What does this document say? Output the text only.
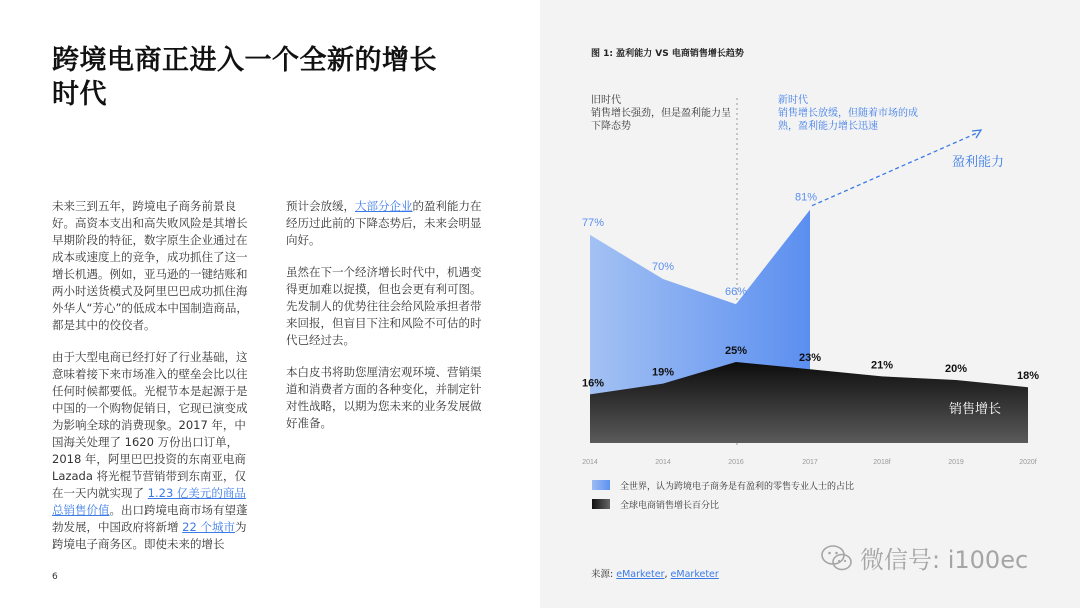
跨境电商正进入一个全新的增长
时代

未来三到五年，跨境电子商务前景良好。高资本支出和高失败风险是其增长早期阶段的特征，数字原生企业通过在成本或速度上的竞争，成功抓住了这一增长机遇。例如，亚马逊的一键结账和两小时送货模式及阿里巴巴成功抓住海外华人“芳心”的低成本中国制造商品，都是其中的佼佼者。

由于大型电商已经打好了行业基础，这意味着接下来市场准入的壁垒会比以往任何时候都要低。光棍节本是起源于是中国的一个购物促销日，它现已演变成为影响全球的消费现象。2017 年，中国海关处理了 1620 万份出口订单，2018 年，阿里巴巴投资的东南亚电商 Lazada 将光棍节营销带到东南亚，仅在一天内就实现了 1.23 亿美元的商品总销售价值。出口跨境电商市场有望蓬勃发展，中国政府将新增 22 个城市为跨境电子商务区。即使未来的增长

预计会放缓，大部分企业的盈利能力在经历过此前的下降态势后，未来会明显向好。

虽然在下一个经济增长时代中，机遇变得更加难以捉摸，但也会更有利可图。先发制人的优势往往会给风险承担者带来回报，但盲目下注和风险不可估的时代已经过去。

本白皮书将助您厘清宏观环境、营销渠道和消费者方面的各种变化，并制定针对性战略，以期为您未来的业务发展做好准备。

6
图 1: 盈利能力 VS 电商销售增长趋势
旧时代
销售增长强劲，但是盈利能力呈下降态势
新时代
销售增长放缓，但随着市场的成熟，盈利能力增长迅速
77%
70%
66%
81%
16%
19%
25%
23%
21%	20%
18%
2014	2014	2016	2017	2018f	2019	2020f
盈利能力
销售增长
全世界，认为跨境电子商务是有盈利的零售专业人士的占比
全球电商销售增长百分比
来源: eMarketer, eMarketer
微信号: i100ec
